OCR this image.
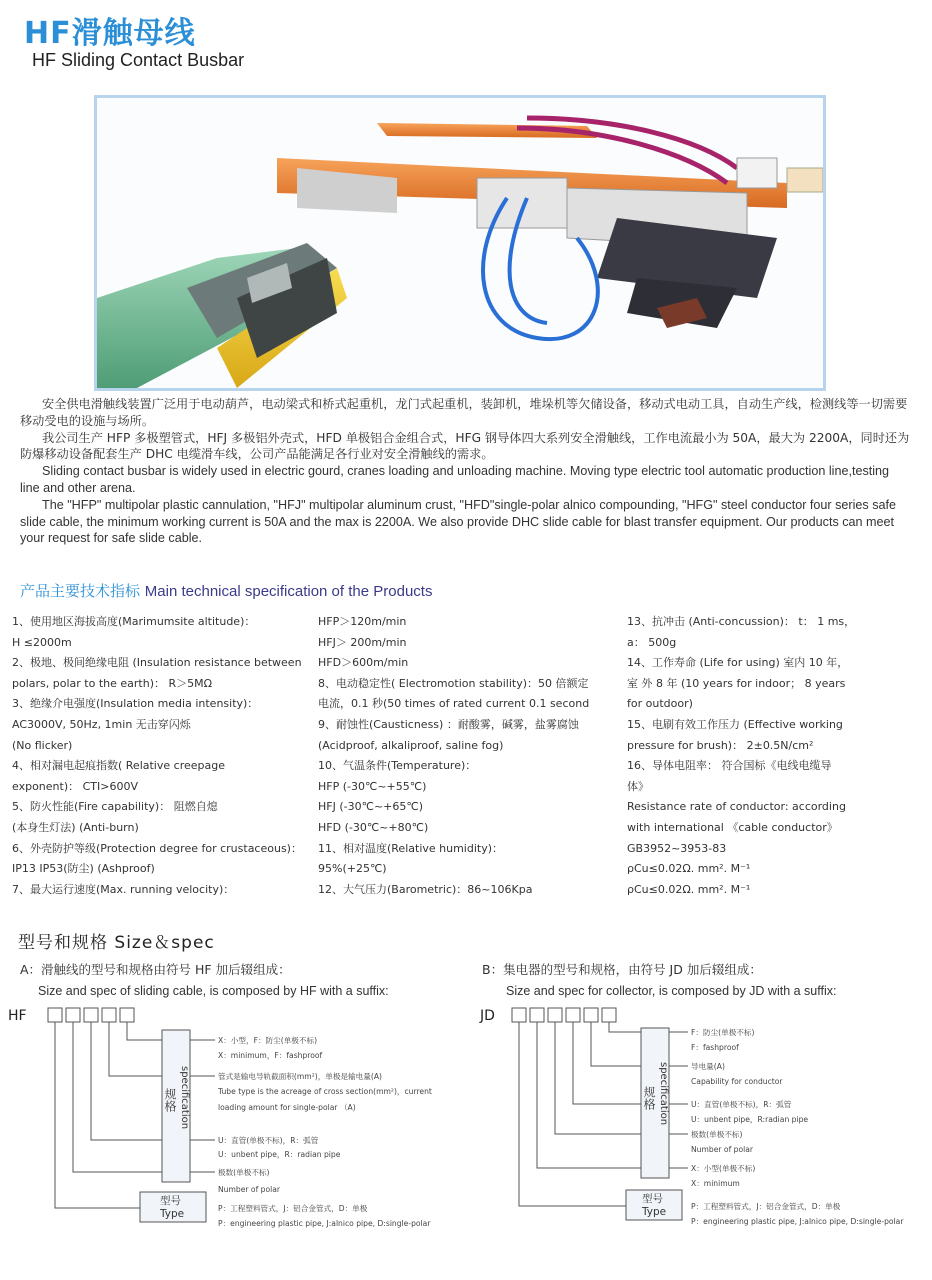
HF滑触母线
HF Sliding Contact Busbar

安全供电滑触线装置广泛用于电动葫芦，电动梁式和桥式起重机，龙门式起重机，装卸机，堆垛机等欠储设备，移动式电动工具，自动生产线，检测线等一切需要移动受电的设施与场所。

我公司生产 HFP 多极塑管式，HFJ 多极铝外壳式，HFD 单极铝合金组合式，HFG 钢导体四大系列安全滑触线，工作电流最小为 50A，最大为 2200A，同时还为防爆移动设备配套生产 DHC 电缆滑车线，公司产品能满足各行业对安全滑触线的需求。

Sliding contact busbar is widely used in electric gourd, cranes loading and unloading machine. Moving type electric tool automatic production line,testing line and other arena.

The "HFP" multipolar plastic cannulation, "HFJ" multipolar aluminum crust, "HFD"single-polar alnico compounding, "HFG" steel conductor four series safe slide cable, the minimum working current is 50A and the max is 2200A. We also provide DHC slide cable for blast transfer equipment. Our products can meet your request for safe slide cable.

产品主要技术指标 Main technical specification of the Products
1、使用地区海拔高度(Marimumsite altitude)：
H ≤2000m
2、极地、极间绝缘电阻 (Insulation resistance between
polars, polar to the earth)： R＞5MΩ
3、绝缘介电强度(Insulation media intensity)：
AC3000V, 50Hz, 1min 无击穿闪烁
(No flicker)
4、相对漏电起痕指数( Relative creepage
exponent)： CTI>600V
5、防火性能(Fire capability)： 阻燃自熄
(本身生灯法) (Anti-burn)
6、外壳防护等级(Protection degree for crustaceous)：
IP13 IP53(防尘) (Ashproof)
7、最大运行速度(Max. running velocity)：
HFP＞120m/min
HFJ＞ 200m/min
HFD＞600m/min
8、电动稳定性( Electromotion stability)：50 倍额定
电流，0.1 秒(50 times of rated current 0.1 second
9、耐蚀性(Causticness) ：耐酸雾，碱雾，盐雾腐蚀
(Acidproof, alkaliproof, saline fog)
10、气温条件(Temperature)：
HFP (-30℃~+55℃)
HFJ (-30℃~+65℃)
HFD (-30℃~+80℃)
11、相对温度(Relative humidity)：
95%(+25℃)
12、大气压力(Barometric)：86~106Kpa
13、抗冲击 (Anti-concussion)： t： 1 ms，
a： 500g
14、工作寿命 (Life for using) 室内 10 年，
室 外 8 年 (10 years for indoor； 8 years
for outdoor)
15、电刷有效工作压力 (Effective working
pressure for brush)： 2±0.5N/cm²
16、导体电阻率： 符合国标《电线电缆导
体》
Resistance rate of conductor: according
with international 《cable conductor》
GB3952~3953-83
ρCu≤0.02Ω. mm². M⁻¹
ρCu≤0.02Ω. mm². M⁻¹
型号和规格 Size＆spec
A：滑触线的型号和规格由符号 HF 加后辍组成：
Size and spec of sliding cable, is composed by HF with a suffix:
B：集电器的型号和规格，由符号 JD 加后辍组成：
Size and spec for collector, is composed by JD with a suffix:
HF
规格 specification
型号
Type
X：小型，F：防尘(单极不标)
X：minimum，F：fashproof
管式是输电导轨截面积(mm²)，单极是输电量(A)
Tube type is the acreage of cross section(mm²)，current
loading amount for single-polar （A)
U：直管(单极不标)，R：弧管
U：unbent pipe，R：radian pipe
极数(单极不标)
Number of polar
P：工程塑料管式，J：铝合金管式，D：单极
P：engineering plastic pipe, J:alnico pipe, D:single-polar
JD
规格 specification
型号
Type
F：防尘(单极不标)
F：fashproof
导电量(A)
Capability for conductor
U：直管(单极不标)，R：弧管
U：unbent pipe，R:radian pipe
极数(单极不标)
Number of polar
X：小型(单极不标)
X：minimum
P：工程塑料管式，J：铝合金管式，D：单极
P：engineering plastic pipe, J:alnico pipe, D:single-polar
